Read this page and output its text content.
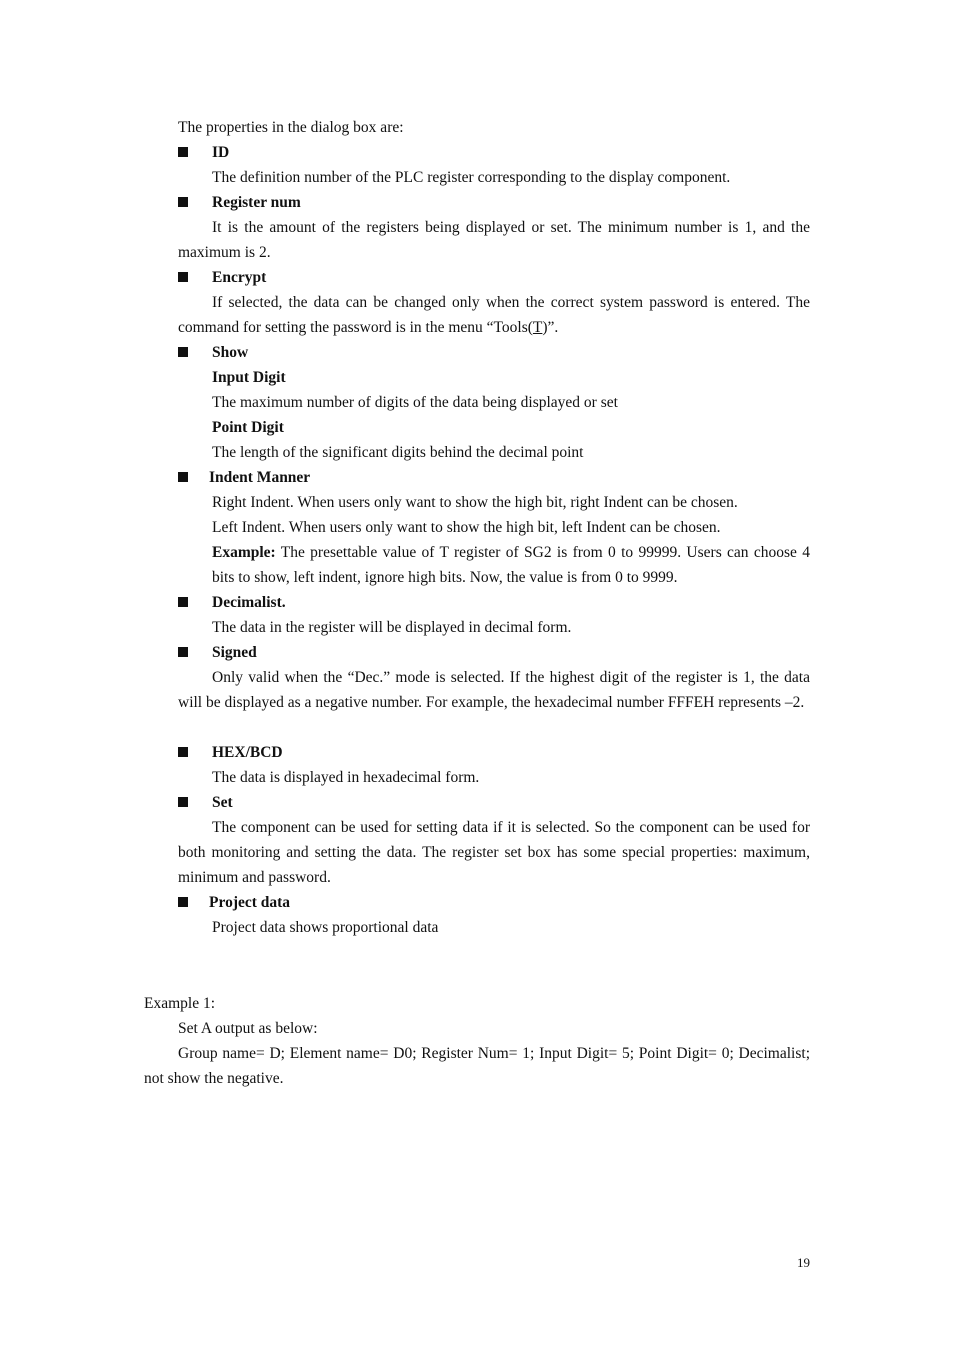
The properties in the dialog box are:
ID
The definition number of the PLC register corresponding to the display component.
Register num
It is the amount of the registers being displayed or set. The minimum number is 1, and the maximum is 2.
Encrypt
If selected, the data can be changed only when the correct system password is entered. The command for setting the password is in the menu “Tools(T)”.
Show
Input Digit
The maximum number of digits of the data being displayed or set
Point Digit
The length of the significant digits behind the decimal point
Indent Manner
Right Indent. When users only want to show the high bit, right Indent can be chosen.
Left Indent. When users only want to show the high bit, left Indent can be chosen.
Example: The presettable value of T register of SG2 is from 0 to 99999. Users can choose 4 bits to show, left indent, ignore high bits. Now, the value is from 0 to 9999.
Decimalist.
The data in the register will be displayed in decimal form.
Signed
Only valid when the “Dec.” mode is selected. If the highest digit of the register is 1, the data will be displayed as a negative number. For example, the hexadecimal number FFFEH represents –2.
HEX/BCD
The data is displayed in hexadecimal form.
Set
The component can be used for setting data if it is selected. So the component can be used for both monitoring and setting the data. The register set box has some special properties: maximum, minimum and password.
Project data
Project data shows proportional data
Example 1:
Set A output as below:
Group name= D; Element name= D0; Register Num= 1; Input Digit= 5; Point Digit= 0; Decimalist; not show the negative.
19
